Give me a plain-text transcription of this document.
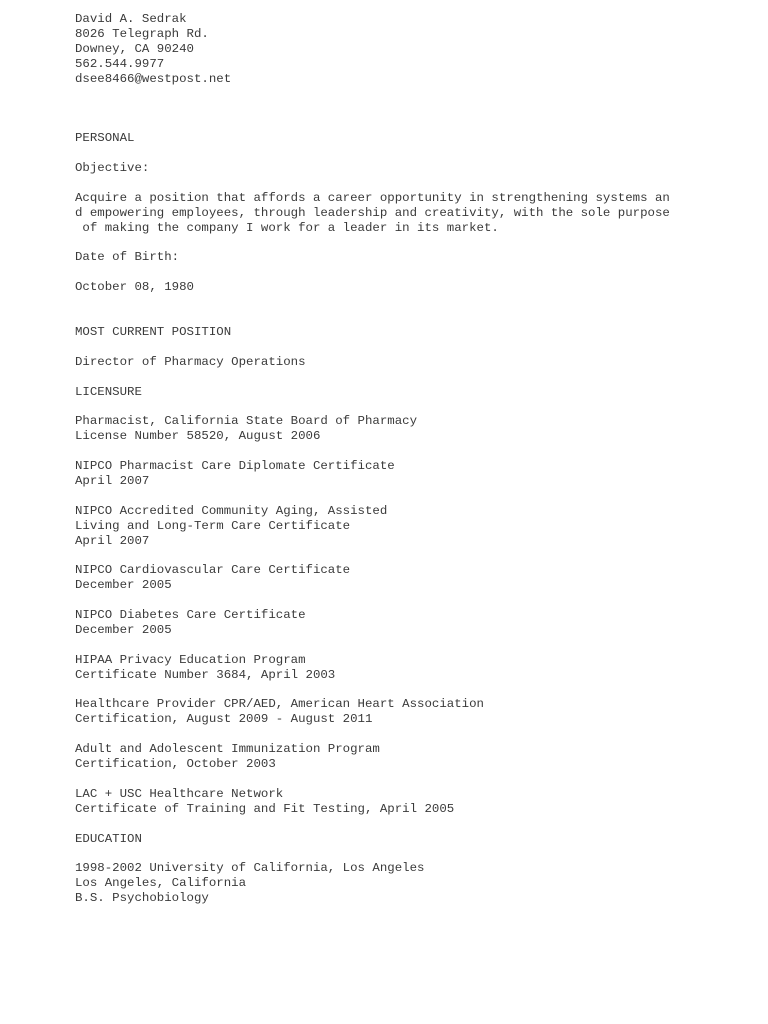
David A. Sedrak
8026 Telegraph Rd.
Downey, CA 90240
562.544.9977
dsee8466@westpost.net
PERSONAL
Objective:
Acquire a position that affords a career opportunity in strengthening systems an
d empowering employees, through leadership and creativity, with the sole purpose
of making the company I work for a leader in its market.
Date of Birth:
October 08, 1980
MOST CURRENT POSITION
Director of Pharmacy Operations
LICENSURE
Pharmacist, California State Board of Pharmacy
License Number 58520, August 2006
NIPCO Pharmacist Care Diplomate Certificate
April 2007
NIPCO Accredited Community Aging, Assisted
Living and Long-Term Care Certificate
April 2007
NIPCO Cardiovascular Care Certificate
December 2005
NIPCO Diabetes Care Certificate
December 2005
HIPAA Privacy Education Program
Certificate Number 3684, April 2003
Healthcare Provider CPR/AED, American Heart Association
Certification, August 2009 - August 2011
Adult and Adolescent Immunization Program
Certification, October 2003
LAC + USC Healthcare Network
Certificate of Training and Fit Testing, April 2005
EDUCATION
1998-2002 University of California, Los Angeles
Los Angeles, California
B.S. Psychobiology
